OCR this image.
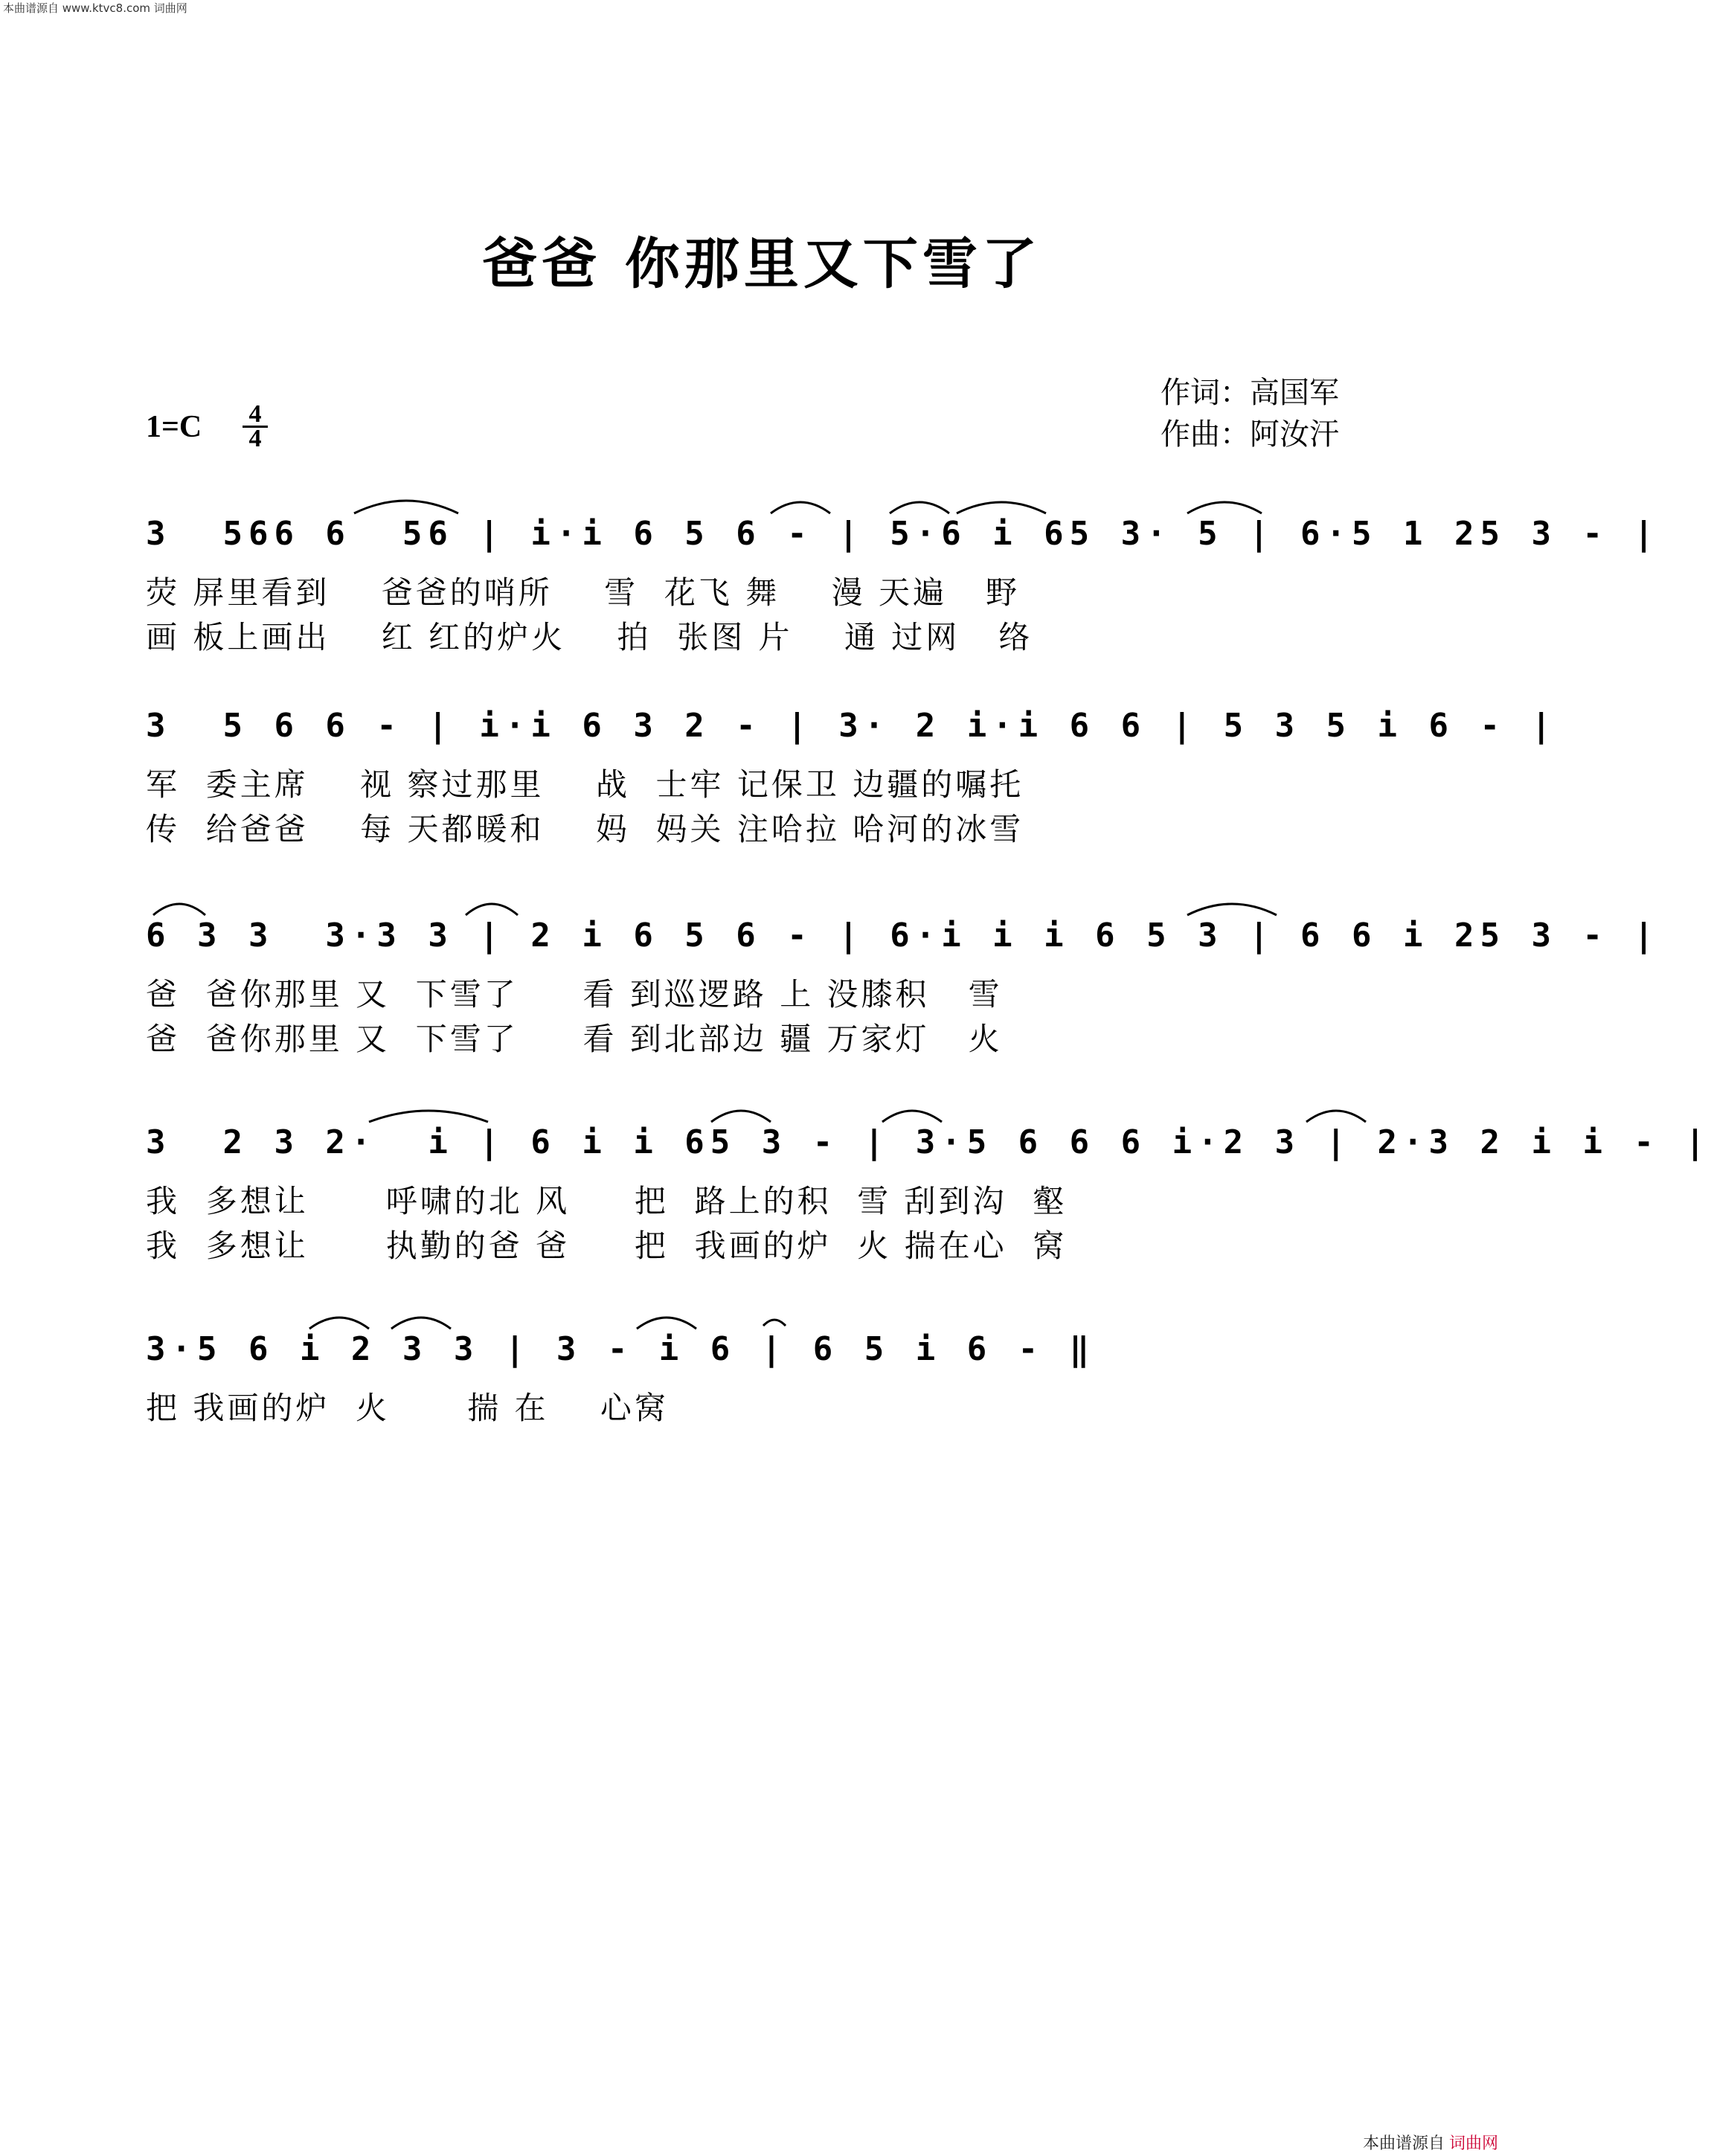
本曲谱源自 www.ktvc8.com 词曲网
爸爸 你那里又下雪了
作词：高国军
作曲：阿汝汗
1=C 4
4
3  566 6  56 | i·i 6 5 6 - | 5·6 i 65 3· 5 | 6·5 1 25 3 - |
荧 屏里看到    爸爸的哨所    雪  花飞 舞    漫 天遍   野
画 板上画出    红 红的炉火    拍  张图 片    通 过网   络
3  5 6 6 - | i·i 6 3 2 - | 3· 2 i·i 6 6 | 5 3 5 i 6 - |
军  委主席    视 察过那里    战  士牢 记保卫 边疆的嘱托
传  给爸爸    每 天都暖和    妈  妈关 注哈拉 哈河的冰雪
6 3 3  3·3 3 | 2 i 6 5 6 - | 6·i i i 6 5 3 | 6 6 i 25 3 - |
爸  爸你那里 又  下雪了     看 到巡逻路 上 没膝积   雪
爸  爸你那里 又  下雪了     看 到北部边 疆 万家灯   火
3  2 3 2·  i | 6 i i 65 3 - | 3·5 6 6 6 i·2 3 | 2·3 2 i i - |
我  多想让      呼啸的北 风     把  路上的积  雪 刮到沟  壑
我  多想让      执勤的爸 爸     把  我画的炉  火 揣在心  窝
3·5 6 i 2 3 3 | 3 - i 6 | 6 5 i 6 - ‖
把 我画的炉  火      揣 在    心窝
本曲谱源自 词曲网
